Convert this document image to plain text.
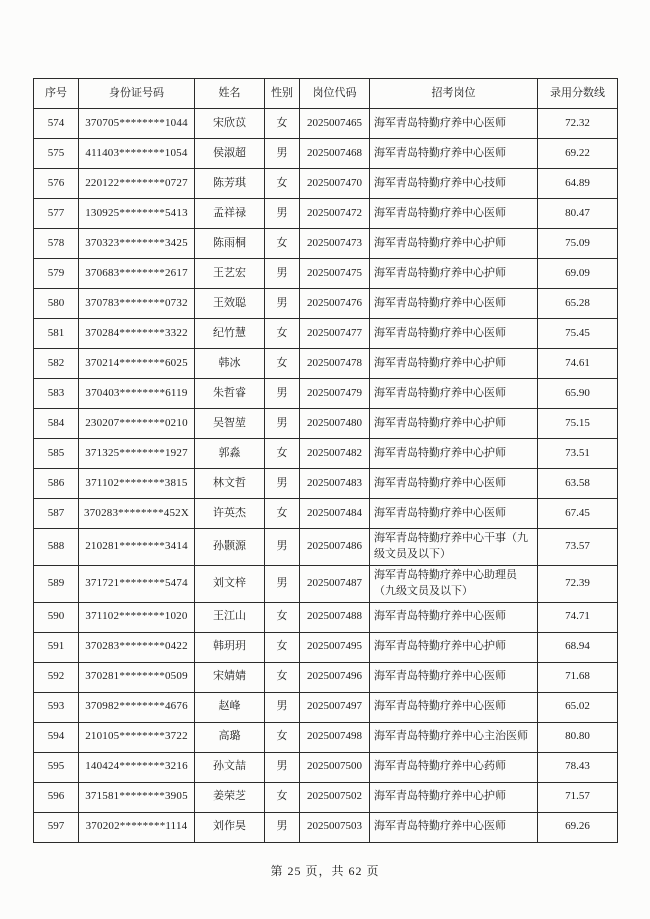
序号	身份证号码	姓名	性别	岗位代码	招考岗位	录用分数线
574	370705********1044	宋欣苡	女	2025007465	海军青岛特勤疗养中心医师	72.32
575	411403********1054	侯淑超	男	2025007468	海军青岛特勤疗养中心医师	69.22
576	220122********0727	陈芳琪	女	2025007470	海军青岛特勤疗养中心技师	64.89
577	130925********5413	孟祥禄	男	2025007472	海军青岛特勤疗养中心医师	80.47
578	370323********3425	陈雨桐	女	2025007473	海军青岛特勤疗养中心护师	75.09
579	370683********2617	王艺宏	男	2025007475	海军青岛特勤疗养中心护师	69.09
580	370783********0732	王效聪	男	2025007476	海军青岛特勤疗养中心医师	65.28
581	370284********3322	纪竹慧	女	2025007477	海军青岛特勤疗养中心医师	75.45
582	370214********6025	韩冰	女	2025007478	海军青岛特勤疗养中心护师	74.61
583	370403********6119	朱哲睿	男	2025007479	海军青岛特勤疗养中心医师	65.90
584	230207********0210	吴智堃	男	2025007480	海军青岛特勤疗养中心护师	75.15
585	371325********1927	郭淼	女	2025007482	海军青岛特勤疗养中心护师	73.51
586	371102********3815	林文哲	男	2025007483	海军青岛特勤疗养中心医师	63.58
587	370283********452X	许英杰	女	2025007484	海军青岛特勤疗养中心医师	67.45
588	210281********3414	孙颢源	男	2025007486	海军青岛特勤疗养中心干事（九级文员及以下）	73.57
589	371721********5474	刘文梓	男	2025007487	海军青岛特勤疗养中心助理员（九级文员及以下）	72.39
590	371102********1020	王江山	女	2025007488	海军青岛特勤疗养中心医师	74.71
591	370283********0422	韩玥玥	女	2025007495	海军青岛特勤疗养中心护师	68.94
592	370281********0509	宋婧婧	女	2025007496	海军青岛特勤疗养中心医师	71.68
593	370982********4676	赵峰	男	2025007497	海军青岛特勤疗养中心医师	65.02
594	210105********3722	高璐	女	2025007498	海军青岛特勤疗养中心主治医师	80.80
595	140424********3216	孙文喆	男	2025007500	海军青岛特勤疗养中心药师	78.43
596	371581********3905	姜荣芝	女	2025007502	海军青岛特勤疗养中心护师	71.57
597	370202********1114	刘作昊	男	2025007503	海军青岛特勤疗养中心医师	69.26
第 25 页，共 62 页
